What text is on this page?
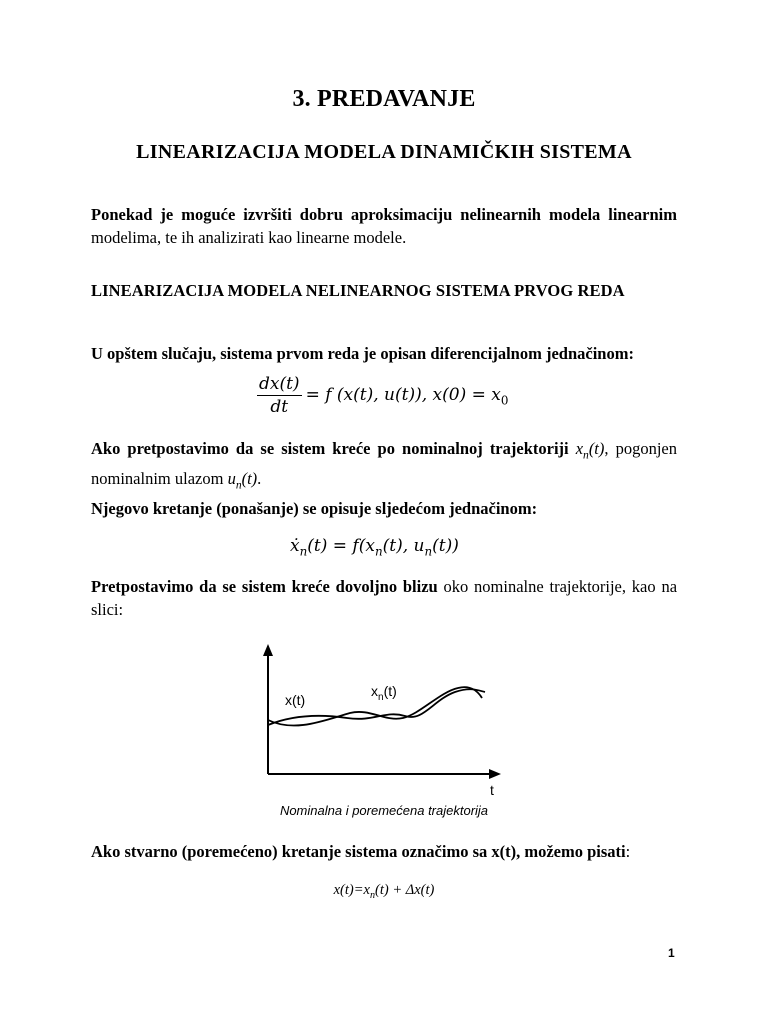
3. PREDAVANJE
LINEARIZACIJA MODELA DINAMIČKIH SISTEMA
Ponekad je moguće izvršiti dobru aproksimaciju nelinearnih modela linearnim modelima, te ih analizirati kao linearne modele.
LINEARIZACIJA MODELA NELINEARNOG SISTEMA PRVOG REDA
U opštem slučaju, sistema prvom reda je opisan diferencijalnom jednačinom:
$\frac{dx(t)}{dt} = f$ (x(t), u(t)), $x(0) = x_0$
Ako pretpostavimo da se sistem kreće po nominalnoj trajektoriji $x_n(t)$, pogonjen nominalnim ulazom $u_n(t)$.
Njegovo kretanje (ponašanje) se opisuje sljedećom jednačinom:
ẋ$_n$(t) = $f(x_n(t)$, $u_n(t)$)
Pretpostavimo da se sistem kreće dovoljno blizu oko nominalne trajektorije, kao na slici:
x(t)
$x_n(t)$
t
Nominalna i poremećena trajektorija
Ako stvarno (poremećeno) kretanje sistema označimo sa x(t), možemo pisati:
$x(t)=x_n(t) + \Delta x(t)$
1
